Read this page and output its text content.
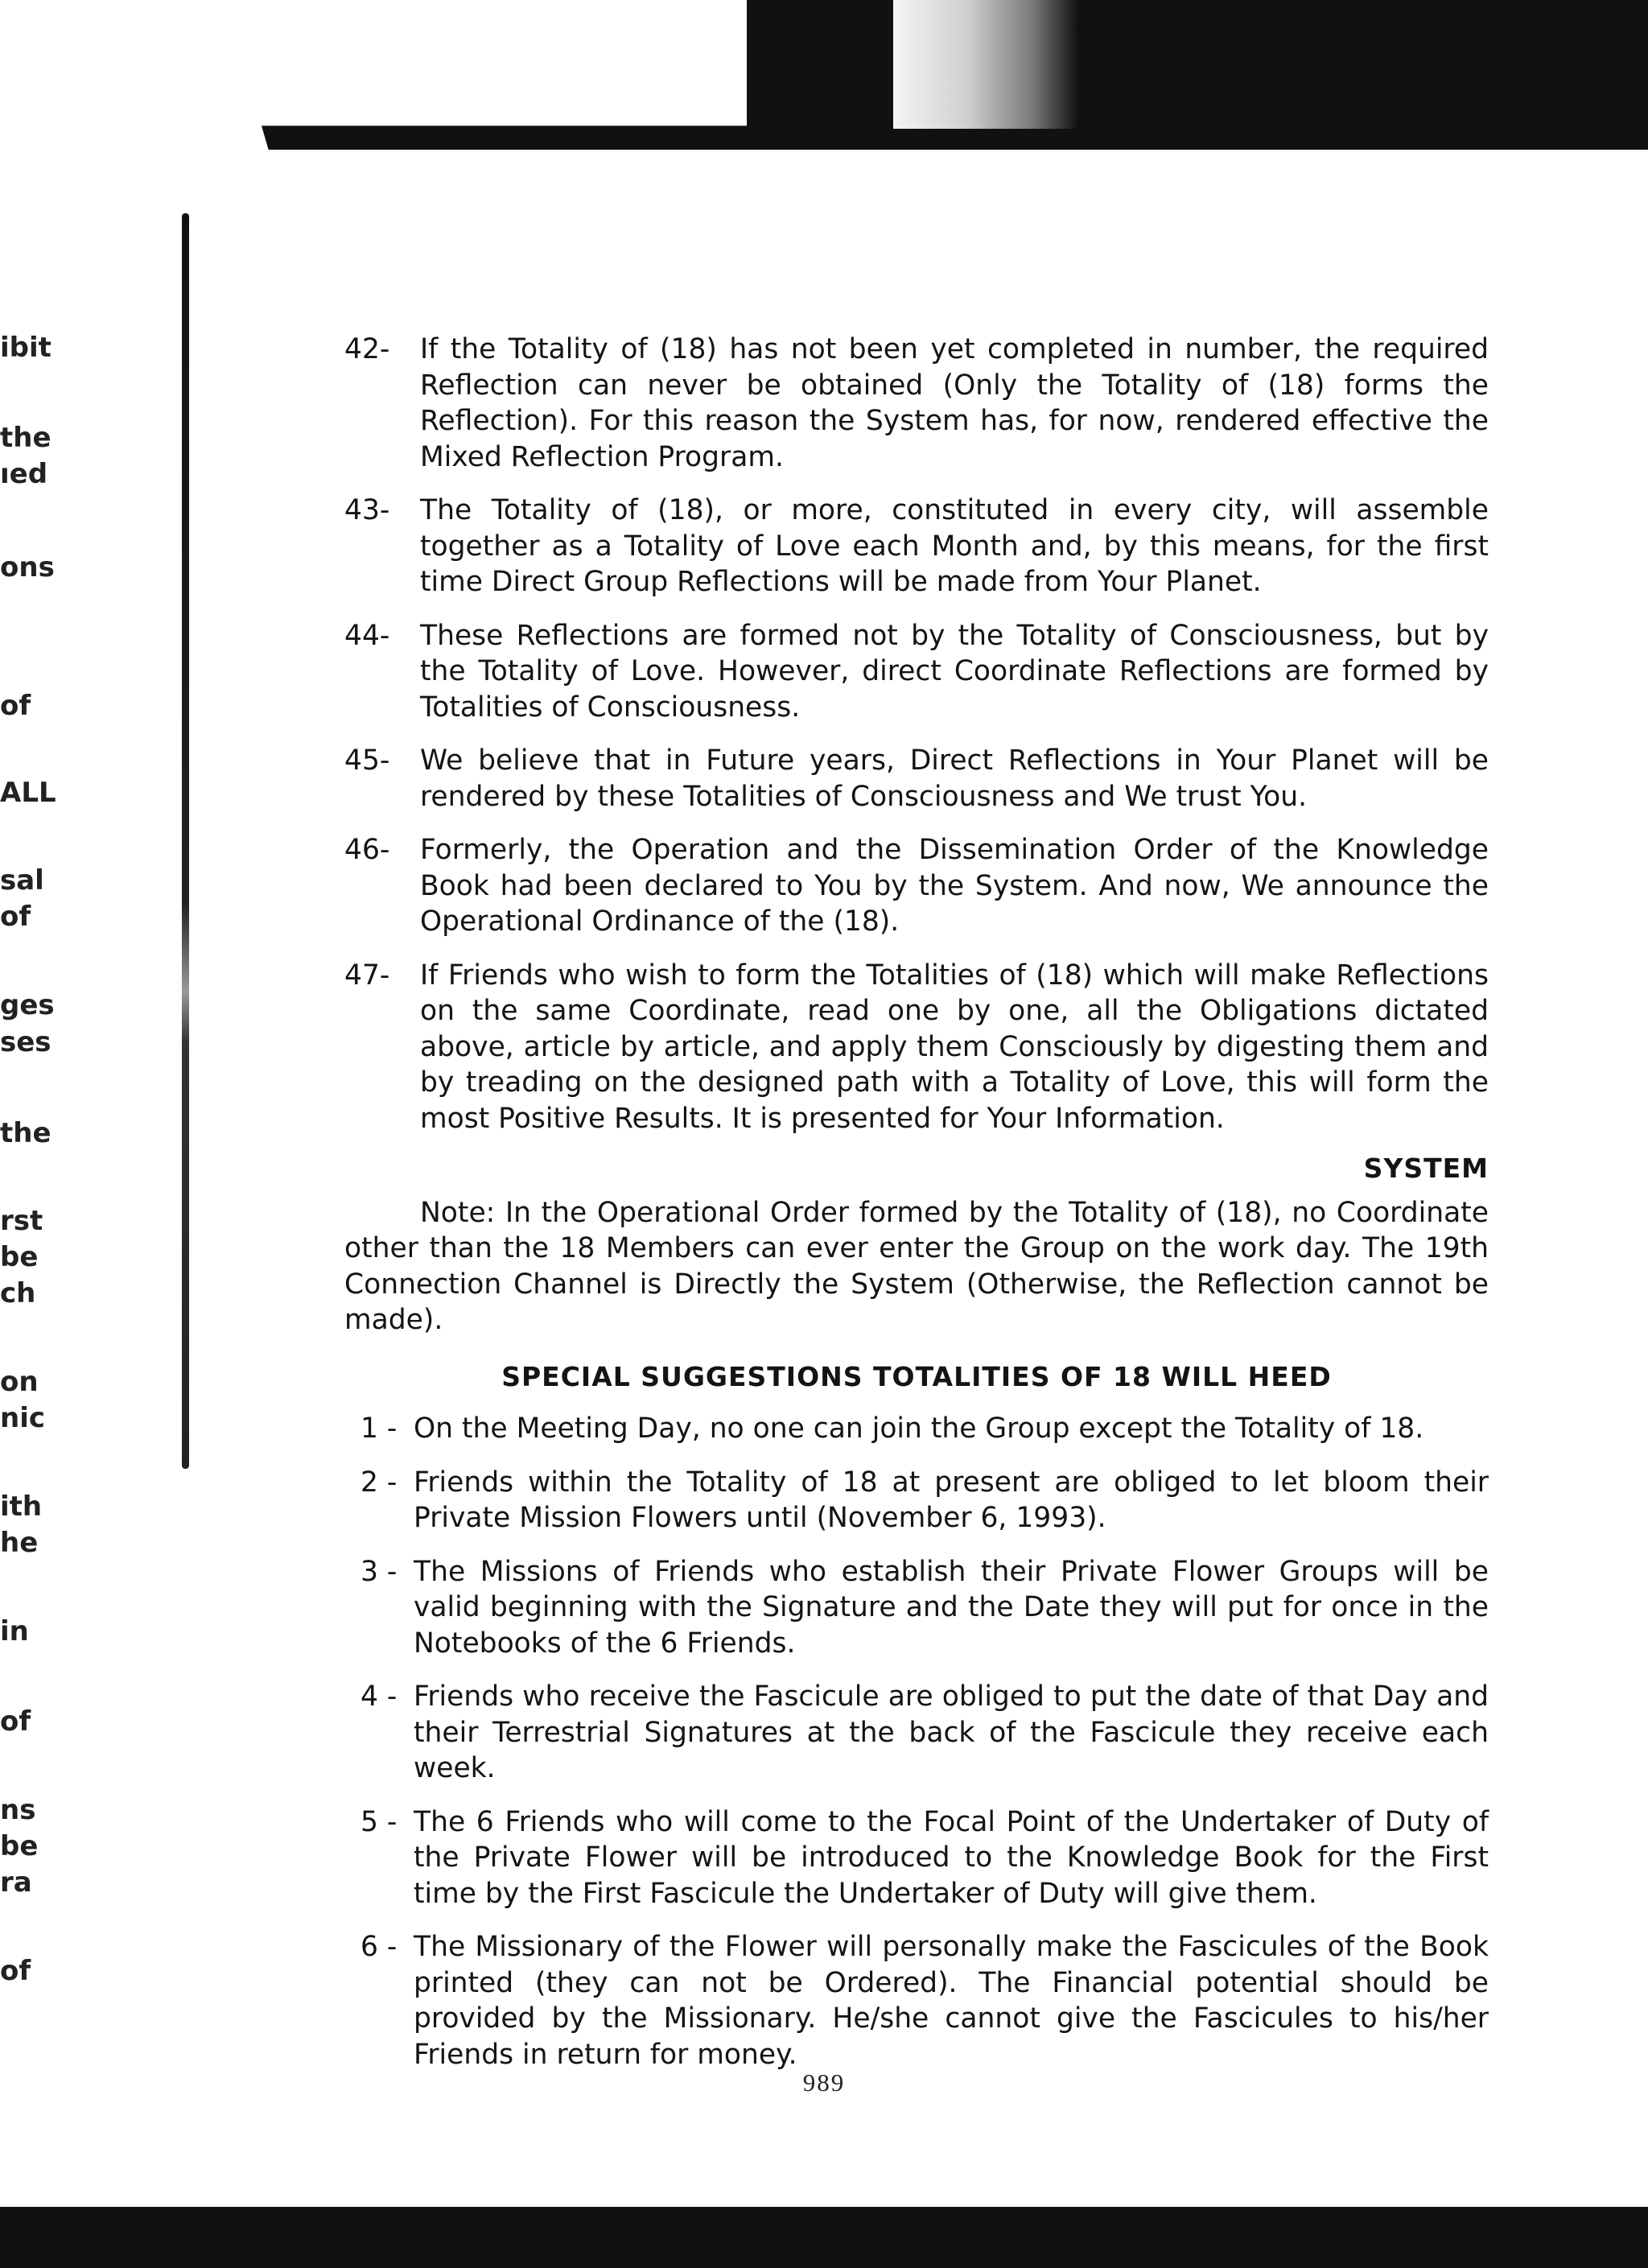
ibit
the
ıed
ons
of
ALL
sal
of
ges
ses
the
rst
be
ch
on
nic
ith
he
in
of
ns
be
ra
of
42-	If the Totality of (18) has not been yet completed in number, the required Reflection can never be obtained (Only the Totality of (18) forms the Reflection). For this reason the System has, for now, rendered effective the Mixed Reflection Program.
43-	The Totality of (18), or more, constituted in every city, will assemble together as a Totality of Love each Month and, by this means, for the first time Direct Group Reflections will be made from Your Planet.
44-	These Reflections are formed not by the Totality of Consciousness, but by the Totality of Love. However, direct Coordinate Reflections are formed by Totalities of Consciousness.
45-	We believe that in Future years, Direct Reflections in Your Planet will be rendered by these Totalities of Consciousness and We trust You.
46-	Formerly, the Operation and the Dissemination Order of the Knowledge Book had been declared to You by the System. And now, We announce the Operational Ordinance of the (18).
47-	If Friends who wish to form the Totalities of (18) which will make Reflections on the same Coordinate, read one by one, all the Obligations dictated above, article by article, and apply them Consciously by digesting them and by treading on the designed path with a Totality of Love, this will form the most Positive Results. It is presented for Your Information.
SYSTEM
Note: In the Operational Order formed by the Totality of (18), no Coordinate other than the 18 Members can ever enter the Group on the work day. The 19th Connection Channel is Directly the System (Otherwise, the Reflection cannot be made).
SPECIAL SUGGESTIONS TOTALITIES OF 18 WILL HEED
1 - On the Meeting Day, no one can join the Group except the Totality of 18.
2 - Friends within the Totality of 18 at present are obliged to let bloom their Private Mission Flowers until (November 6, 1993).
3 - The Missions of Friends who establish their Private Flower Groups will be valid beginning with the Signature and the Date they will put for once in the Notebooks of the 6 Friends.
4 - Friends who receive the Fascicule are obliged to put the date of that Day and their Terrestrial Signatures at the back of the Fascicule they receive each week.
5 - The 6 Friends who will come to the Focal Point of the Undertaker of Duty of the Private Flower will be introduced to the Knowledge Book for the First time by the First Fascicule the Undertaker of Duty will give them.
6 - The Missionary of the Flower will personally make the Fascicules of the Book printed (they can not be Ordered). The Financial potential should be provided by the Missionary. He/she cannot give the Fascicules to his/her Friends in return for money.
989
